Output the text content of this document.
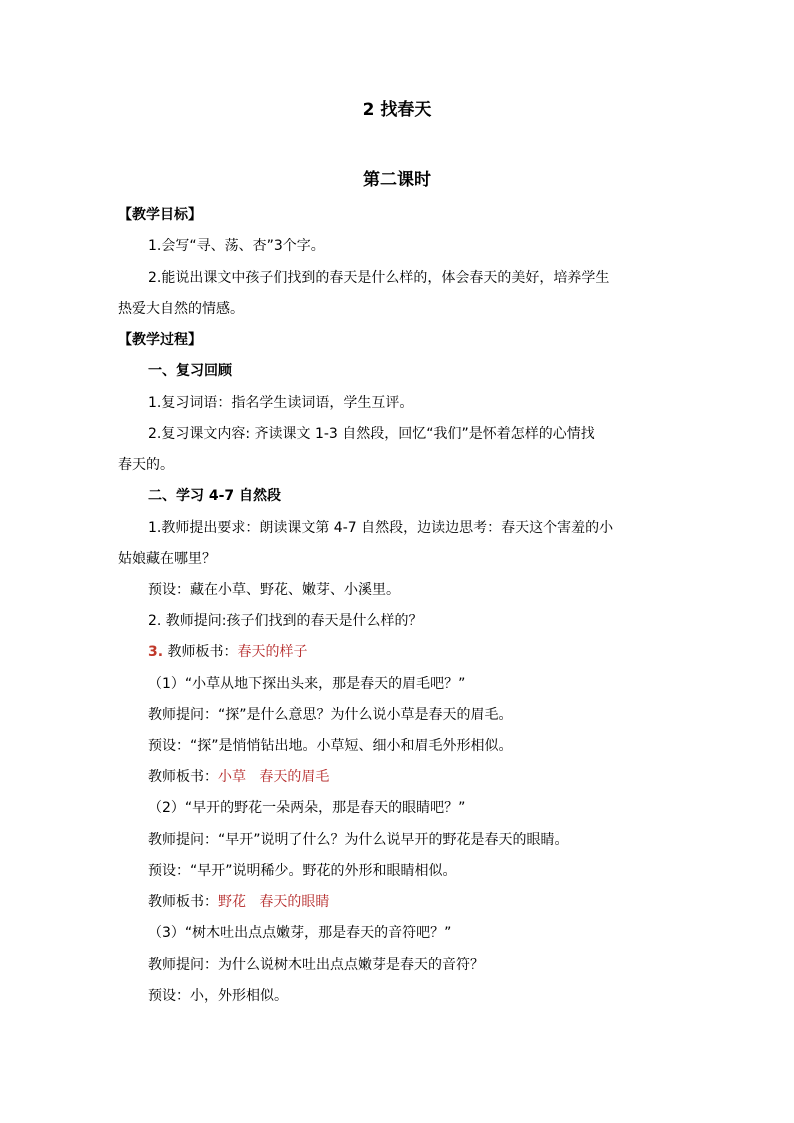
2 找春天
第二课时
【教学目标】
1.会写“寻、荡、杏”3个字。
2.能说出课文中孩子们找到的春天是什么样的，体会春天的美好，培养学生
热爱大自然的情感。
【教学过程】
一、复习回顾
1.复习词语：指名学生读词语，学生互评。
2.复习课文内容: 齐读课文 1-3 自然段，回忆“我们”是怀着怎样的心情找
春天的。
二、学习 4-7 自然段
1.教师提出要求：朗读课文第 4-7 自然段，边读边思考：春天这个害羞的小
姑娘藏在哪里？
预设：藏在小草、野花、嫩芽、小溪里。
2. 教师提问:孩子们找到的春天是什么样的？
3. 教师板书：春天的样子
（1）“小草从地下探出头来，那是春天的眉毛吧？”
教师提问：“探”是什么意思？为什么说小草是春天的眉毛。
预设：“探”是悄悄钻出地。小草短、细小和眉毛外形相似。
教师板书：小草   春天的眉毛
（2）“早开的野花一朵两朵，那是春天的眼睛吧？”
教师提问：“早开”说明了什么？为什么说早开的野花是春天的眼睛。
预设：“早开”说明稀少。野花的外形和眼睛相似。
教师板书：野花   春天的眼睛
（3）“树木吐出点点嫩芽，那是春天的音符吧？”
教师提问：为什么说树木吐出点点嫩芽是春天的音符？
预设：小，外形相似。
